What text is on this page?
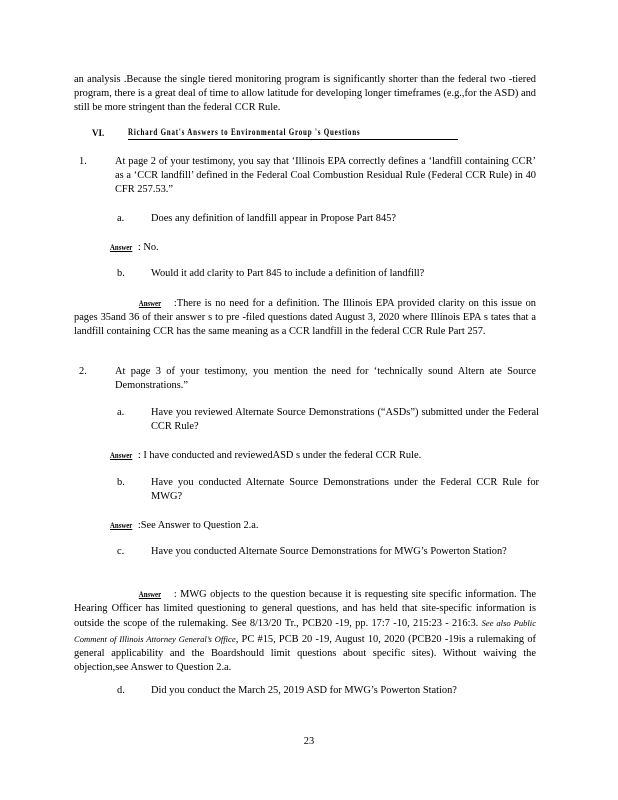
an analysis .Because the single tiered monitoring program is significantly shorter than the federal two -tiered program, there is a great deal of time to allow latitude for developing longer timeframes (e.g.,for the ASD) and still be more stringent than the federal CCR Rule.
VI.	Richard Gnat's Answers to Environmental Group 's Questions
1.	At page 2 of your testimony, you say that ‘Illinois EPA correctly defines a ‘landfill containing CCR’ as a ‘CCR landfill’ defined in the Federal Coal Combustion Residual Rule (Federal CCR Rule) in 40 CFR 257.53.”
a.	Does any definition of landfill appear in Propose Part 845?
Answer : No.
b.	Would it add clarity to Part 845 to include a definition of landfill?
Answer :There is no need for a definition. The Illinois EPA provided clarity on this issue on pages 35and 36 of their answer s to pre -filed questions dated August 3, 2020 where Illinois EPA s tates that a landfill containing CCR has the same meaning as a CCR landfill in the federal CCR Rule Part 257.
2.	At page 3 of your testimony, you mention the need for ‘technically sound Altern ate Source Demonstrations.”
a.	Have you reviewed Alternate Source Demonstrations (“ASDs”) submitted under the Federal CCR Rule?
Answer : I have conducted and reviewedASD s under the federal CCR Rule.
b.	Have you conducted Alternate Source Demonstrations under the Federal CCR Rule for MWG?
Answer :See Answer to Question 2.a.
c.	Have you conducted Alternate Source Demonstrations for MWG’s Powerton Station?
Answer : MWG objects to the question because it is requesting site specific information. The Hearing Officer has limited questioning to general questions, and has held that site-specific information is outside the scope of the rulemaking. See 8/13/20 Tr., PCB20 -19, pp. 17:7 -10, 215:23 - 216:3. See also Public Comment of Illinois Attorney General’s Office, PC #15, PCB 20 -19, August 10, 2020 (PCB20 -19is a rulemaking of general applicability and the Boardshould limit questions about specific sites). Without waiving the objection,see Answer to Question 2.a.
d.	Did you conduct the March 25, 2019 ASD for MWG’s Powerton Station?
23
